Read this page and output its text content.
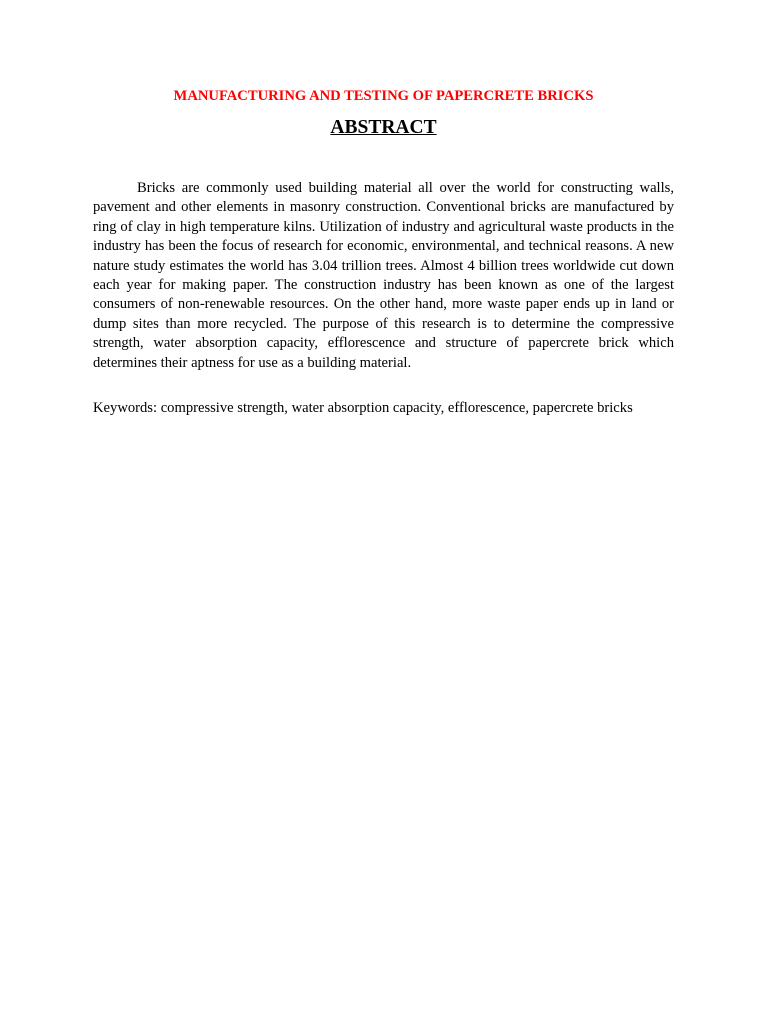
MANUFACTURING AND TESTING OF PAPERCRETE BRICKS
ABSTRACT

Bricks are commonly used building material all over the world for constructing walls, pavement and other elements in masonry construction. Conventional bricks are manufactured by ring of clay in high temperature kilns. Utilization of industry and agricultural waste products in the industry has been the focus of research for economic, environmental, and technical reasons. A new nature study estimates the world has 3.04 trillion trees. Almost 4 billion trees worldwide cut down each year for making paper. The construction industry has been known as one of the largest consumers of non-renewable resources. On the other hand, more waste paper ends up in land or dump sites than more recycled. The purpose of this research is to determine the compressive strength, water absorption capacity, efflorescence and structure of papercrete brick which determines their aptness for use as a building material.

Keywords: compressive strength, water absorption capacity, efflorescence, papercrete bricks
